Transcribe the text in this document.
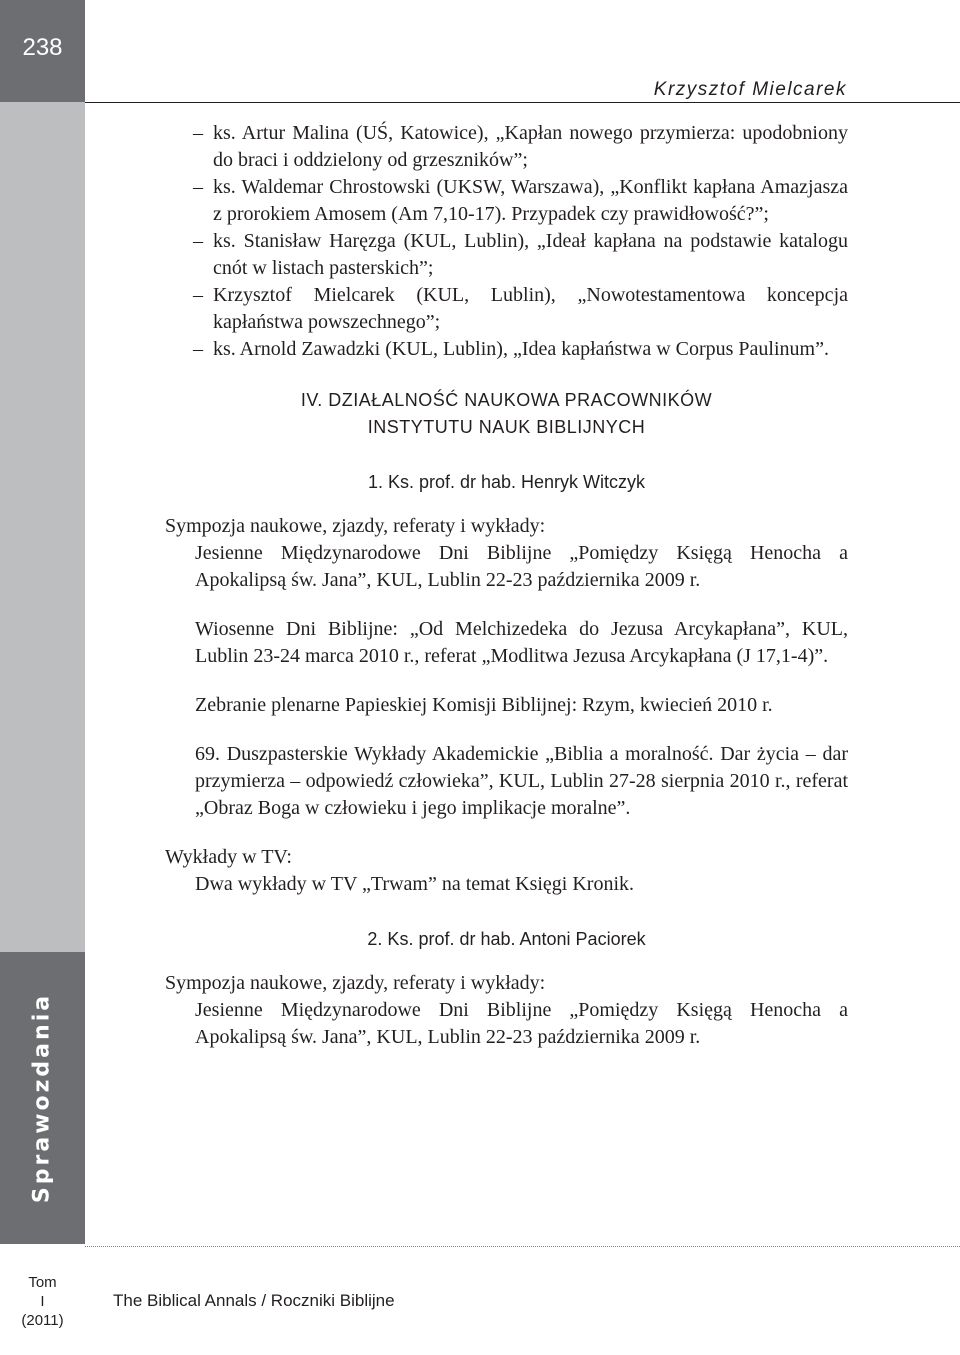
238
Sprawozdania
Tom
I
(2011)
Krzysztof Mielcarek
– ks. Artur Malina (UŚ, Katowice), „Kapłan nowego przymierza: upodobniony do braci i oddzielony od grzeszników”;
– ks. Waldemar Chrostowski (UKSW, Warszawa), „Konflikt kapłana Amazjasza z prorokiem Amosem (Am 7,10-17). Przypadek czy prawidłowość?”;
– ks. Stanisław Haręzga (KUL, Lublin), „Ideał kapłana na podstawie katalogu cnót w listach pasterskich”;
– Krzysztof Mielcarek (KUL, Lublin), „Nowotestamentowa koncepcja kapłaństwa powszechnego”;
– ks. Arnold Zawadzki (KUL, Lublin), „Idea kapłaństwa w Corpus Paulinum”.
IV. DZIAŁALNOŚĆ NAUKOWA PRACOWNIKÓW
INSTYTUTU NAUK BIBLIJNYCH
1. Ks. prof. dr hab. Henryk Witczyk
Sympozja naukowe, zjazdy, referaty i wykłady:
Jesienne Międzynarodowe Dni Biblijne „Pomiędzy Księgą Henocha a Apokalipsą św. Jana”, KUL, Lublin 22-23 października 2009 r.
Wiosenne Dni Biblijne: „Od Melchizedeka do Jezusa Arcykapłana”, KUL, Lublin 23-24 marca 2010 r., referat „Modlitwa Jezusa Arcykapłana (J 17,1-4)”.
Zebranie plenarne Papieskiej Komisji Biblijnej: Rzym, kwiecień 2010 r.
69. Duszpasterskie Wykłady Akademickie „Biblia a moralność. Dar życia – dar przymierza – odpowiedź człowieka”, KUL, Lublin 27-28 sierpnia 2010 r., referat „Obraz Boga w człowieku i jego implikacje moralne”.
Wykłady w TV:
Dwa wykłady w TV „Trwam” na temat Księgi Kronik.
2. Ks. prof. dr hab. Antoni Paciorek
Sympozja naukowe, zjazdy, referaty i wykłady:
Jesienne Międzynarodowe Dni Biblijne „Pomiędzy Księgą Henocha a Apokalipsą św. Jana”, KUL, Lublin 22-23 października 2009 r.
The Biblical Annals / Roczniki Biblijne
